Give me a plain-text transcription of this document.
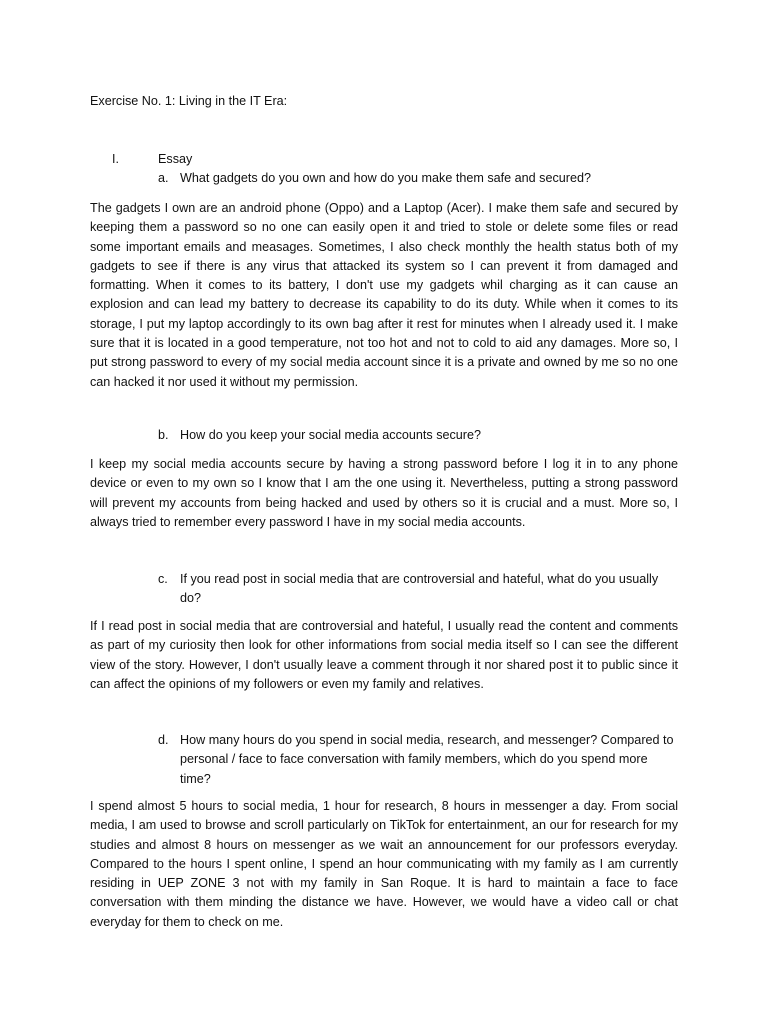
Exercise No. 1: Living in the IT Era:

I.	Essay

a. What gadgets do you own and how do you make them safe and secured?

The gadgets I own are an android phone (Oppo) and a Laptop (Acer). I make them safe and secured by keeping them a password so no one can easily open it and tried to stole or delete some files or read some important emails and measages. Sometimes, I also check monthly the health status both of my gadgets to see if there is any virus that attacked its system so I can prevent it from damaged and formatting. When it comes to its battery, I don't use my gadgets whil charging as it can cause an explosion and can lead my battery to decrease its capability to do its duty. While when it comes to its storage, I put my laptop accordingly to its own bag after it rest for minutes when I already used it. I make sure that it is located in a good temperature, not too hot and not to cold to aid any damages. More so, I put strong password to every of my social media account since it is a private and owned by me so no one can hacked it nor used it without my permission.

b. How do you keep your social media accounts secure?

I keep my social media accounts secure by having a strong password before I log it in to any phone device or even to my own so I know that I am the one using it. Nevertheless, putting a strong password will prevent my accounts from being hacked and used by others so it is crucial and a must. More so, I always tried to remember every password I have in my social media accounts.

c. If you read post in social media that are controversial and hateful, what do you usually do?

If I read post in social media that are controversial and hateful, I usually read the content and comments as part of my curiosity then look for other informations from social media itself so I can see the different view of the story. However, I don't usually leave a comment through it nor shared post it to public since it can affect the opinions of my followers or even my family and relatives.

d. How many hours do you spend in social media, research, and messenger? Compared to personal / face to face conversation with family members, which do you spend more time?

I spend almost 5 hours to social media, 1 hour for research, 8 hours in messenger a day. From social media, I am used to browse and scroll particularly on TikTok for entertainment, an our for research for my studies and almost 8 hours on messenger as we wait an announcement for our professors everyday. Compared to the hours I spent online, I spend an hour communicating with my family as I am currently residing in UEP ZONE 3 not with my family in San Roque. It is hard to maintain a face to face conversation with them minding the distance we have. However, we would have a video call or chat everyday for them to check on me.
